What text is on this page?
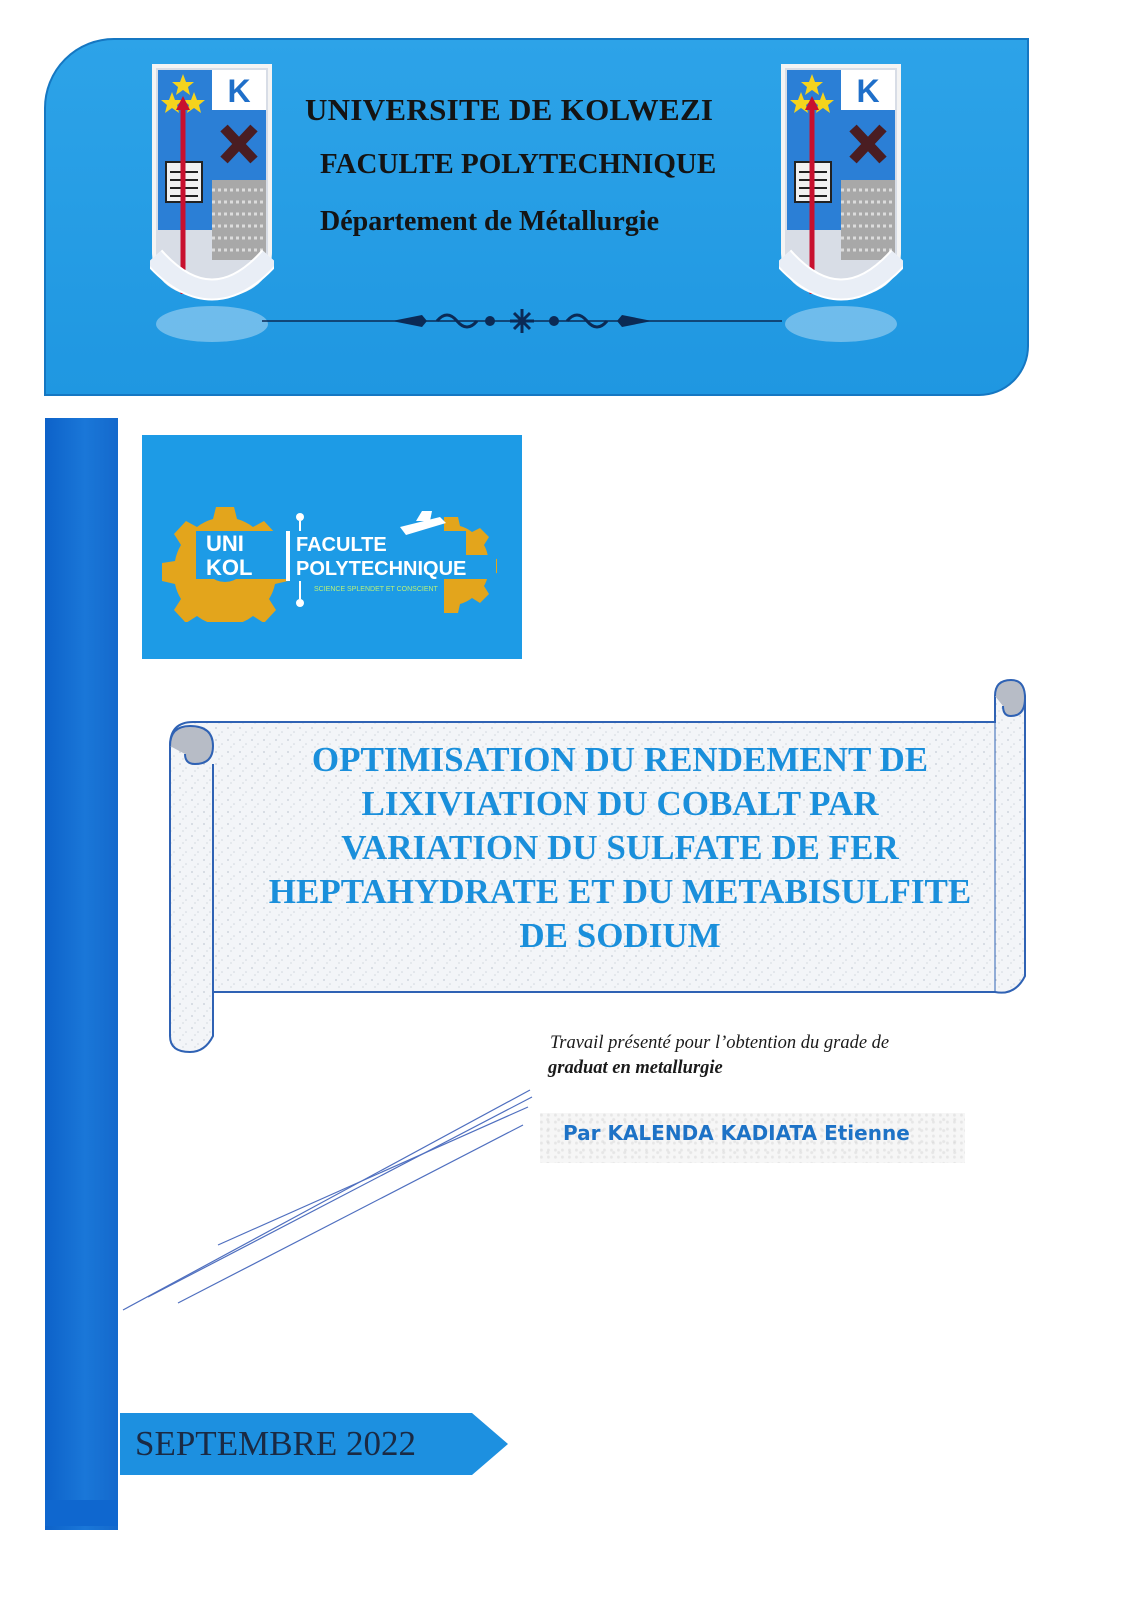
K	K
UNIVERSITE DE KOLWEZI
FACULTE POLYTECHNIQUE
Département de Métallurgie
UNI
KOL
FACULTE
POLYTECHNIQUE
SCIENCE SPLENDET ET CONSCIENT
OPTIMISATION DU RENDEMENT DE
LIXIVIATION DU COBALT PAR
VARIATION DU SULFATE DE FER
HEPTAHYDRATE ET DU METABISULFITE
DE SODIUM
Travail présenté pour l’obtention du grade de
graduat en metallurgie
Par KALENDA KADIATA Etienne
SEPTEMBRE 2022
